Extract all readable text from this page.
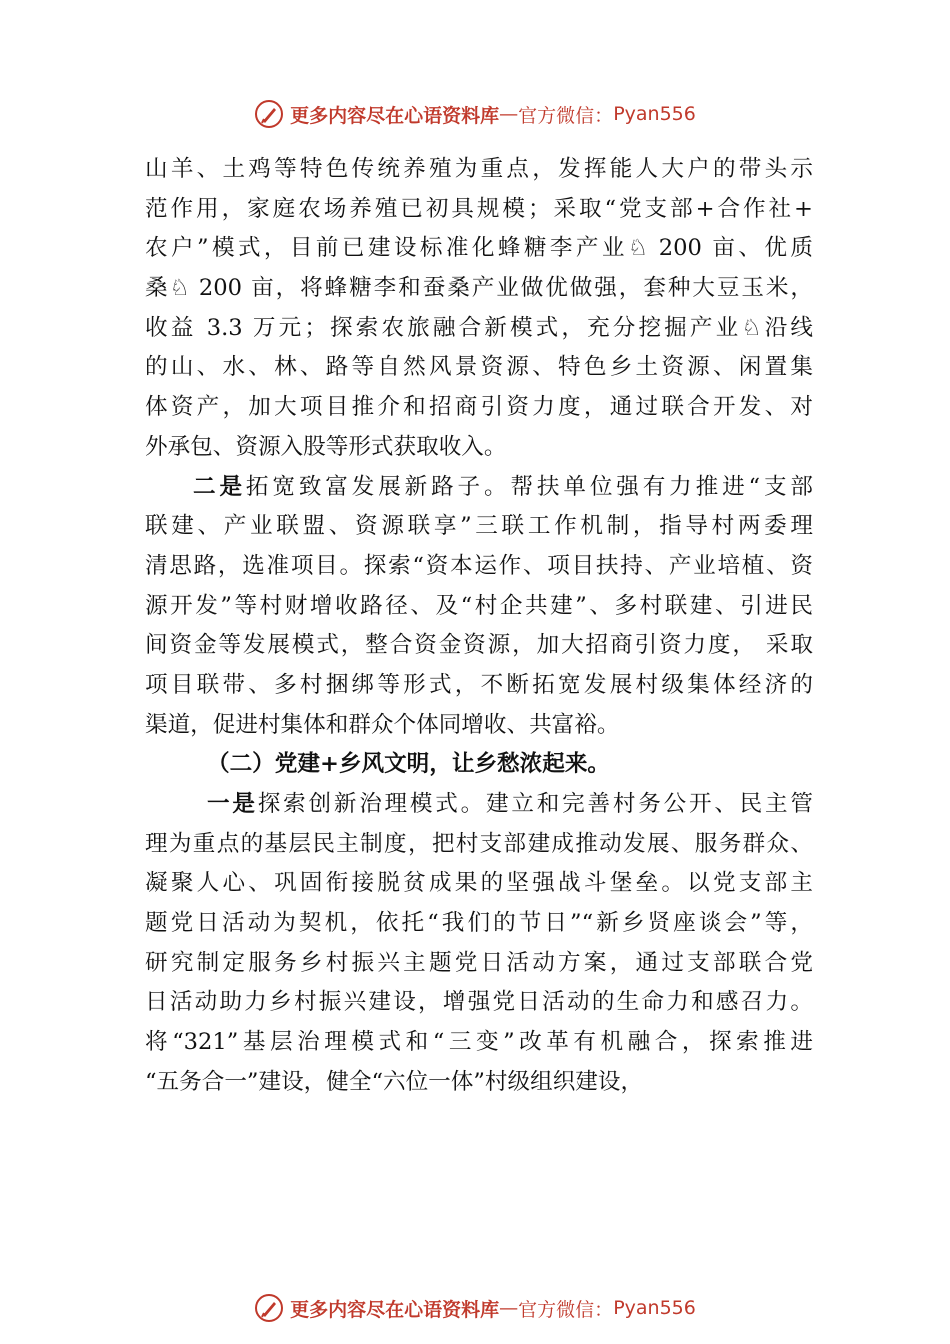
更多内容尽在心语资料库 — 官方微信： Pyan556
山羊、土鸡等特色传统养殖为重点，发挥能人大户的带头示
范作用，家庭农场养殖已初具规模；采取“党支部+合作社+
农户”模式，目前已建设标准化蜂糖李产业♘ 200 亩、优质
桑♘ 200 亩，将蜂糖李和蚕桑产业做优做强，套种大豆玉米，
收益 3.3 万元；探索农旅融合新模式，充分挖掘产业♘沿线
的山、水、林、路等自然风景资源、特色乡土资源、闲置集
体资产，加大项目推介和招商引资力度，通过联合开发、对
外承包、资源入股等形式获取收入。
二是拓宽致富发展新路子。帮扶单位强有力推进“支部
联建、产业联盟、资源联享”三联工作机制，指导村两委理
清思路，选准项目。探索“资本运作、项目扶持、产业培植、资
源开发”等村财增收路径、及“村企共建”、多村联建、引进民
间资金等发展模式，整合资金资源，加大招商引资力度， 采取
项目联带、多村捆绑等形式，不断拓宽发展村级集体经济的
渠道，促进村集体和群众个体同增收、共富裕。
（二）党建+乡风文明，让乡愁浓起来。
一是探索创新治理模式。建立和完善村务公开、民主管
理为重点的基层民主制度，把村支部建成推动发展、服务群众、
凝聚人心、巩固衔接脱贫成果的坚强战斗堡垒。以党支部主
题党日活动为契机，依托“我们的节日”“新乡贤座谈会”等，
研究制定服务乡村振兴主题党日活动方案，通过支部联合党
日活动助力乡村振兴建设，增强党日活动的生命力和感召力。
将“321”基层治理模式和“三变”改革有机融合，探索推进
“五务合一”建设，健全“六位一体”村级组织建设，
更多内容尽在心语资料库 — 官方微信： Pyan556
